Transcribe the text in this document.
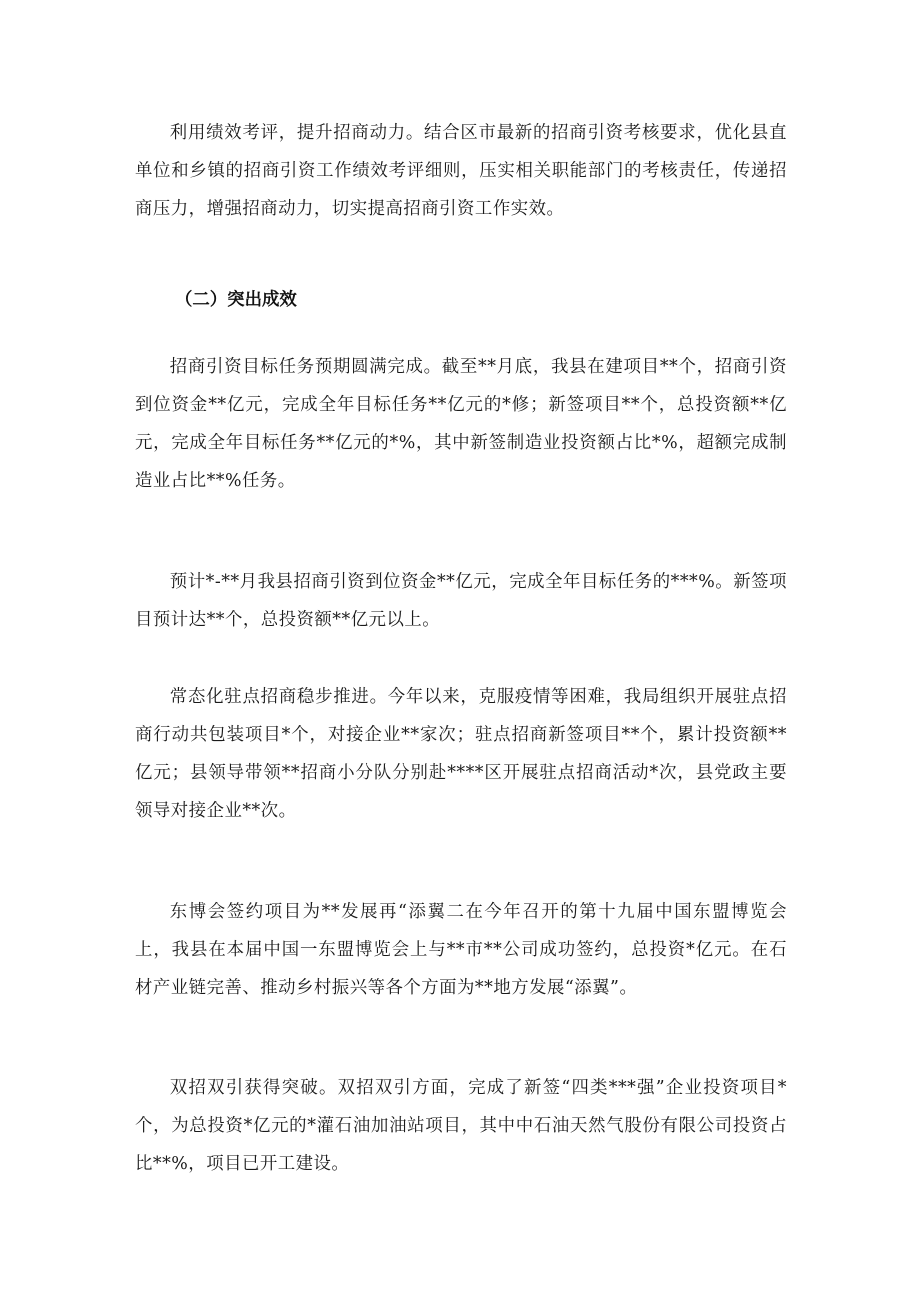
利用绩效考评，提升招商动力。结合区市最新的招商引资考核要求，优化县直单位和乡镇的招商引资工作绩效考评细则，压实相关职能部门的考核责任，传递招商压力，增强招商动力，切实提高招商引资工作实效。

（二）突出成效

招商引资目标任务预期圆满完成。截至**月底，我县在建项目**个，招商引资到位资金**亿元，完成全年目标任务**亿元的*修；新签项目**个，总投资额**亿元，完成全年目标任务**亿元的*%，其中新签制造业投资额占比*%，超额完成制造业占比**%任务。

预计*-**月我县招商引资到位资金**亿元，完成全年目标任务的***%。新签项目预计达**个，总投资额**亿元以上。

常态化驻点招商稳步推进。今年以来，克服疫情等困难，我局组织开展驻点招商行动共包装项目*个，对接企业**家次；驻点招商新签项目**个，累计投资额**亿元；县领导带领**招商小分队分别赴****区开展驻点招商活动*次，县党政主要领导对接企业**次。

东博会签约项目为**发展再“添翼二在今年召开的第十九届中国东盟博览会上，我县在本届中国一东盟博览会上与**市**公司成功签约，总投资*亿元。在石材产业链完善、推动乡村振兴等各个方面为**地方发展“添翼”。

双招双引获得突破。双招双引方面，完成了新签“四类***强”企业投资项目*个，为总投资*亿元的*灌石油加油站项目，其中中石油天然气股份有限公司投资占比**%，项目已开工建设。
